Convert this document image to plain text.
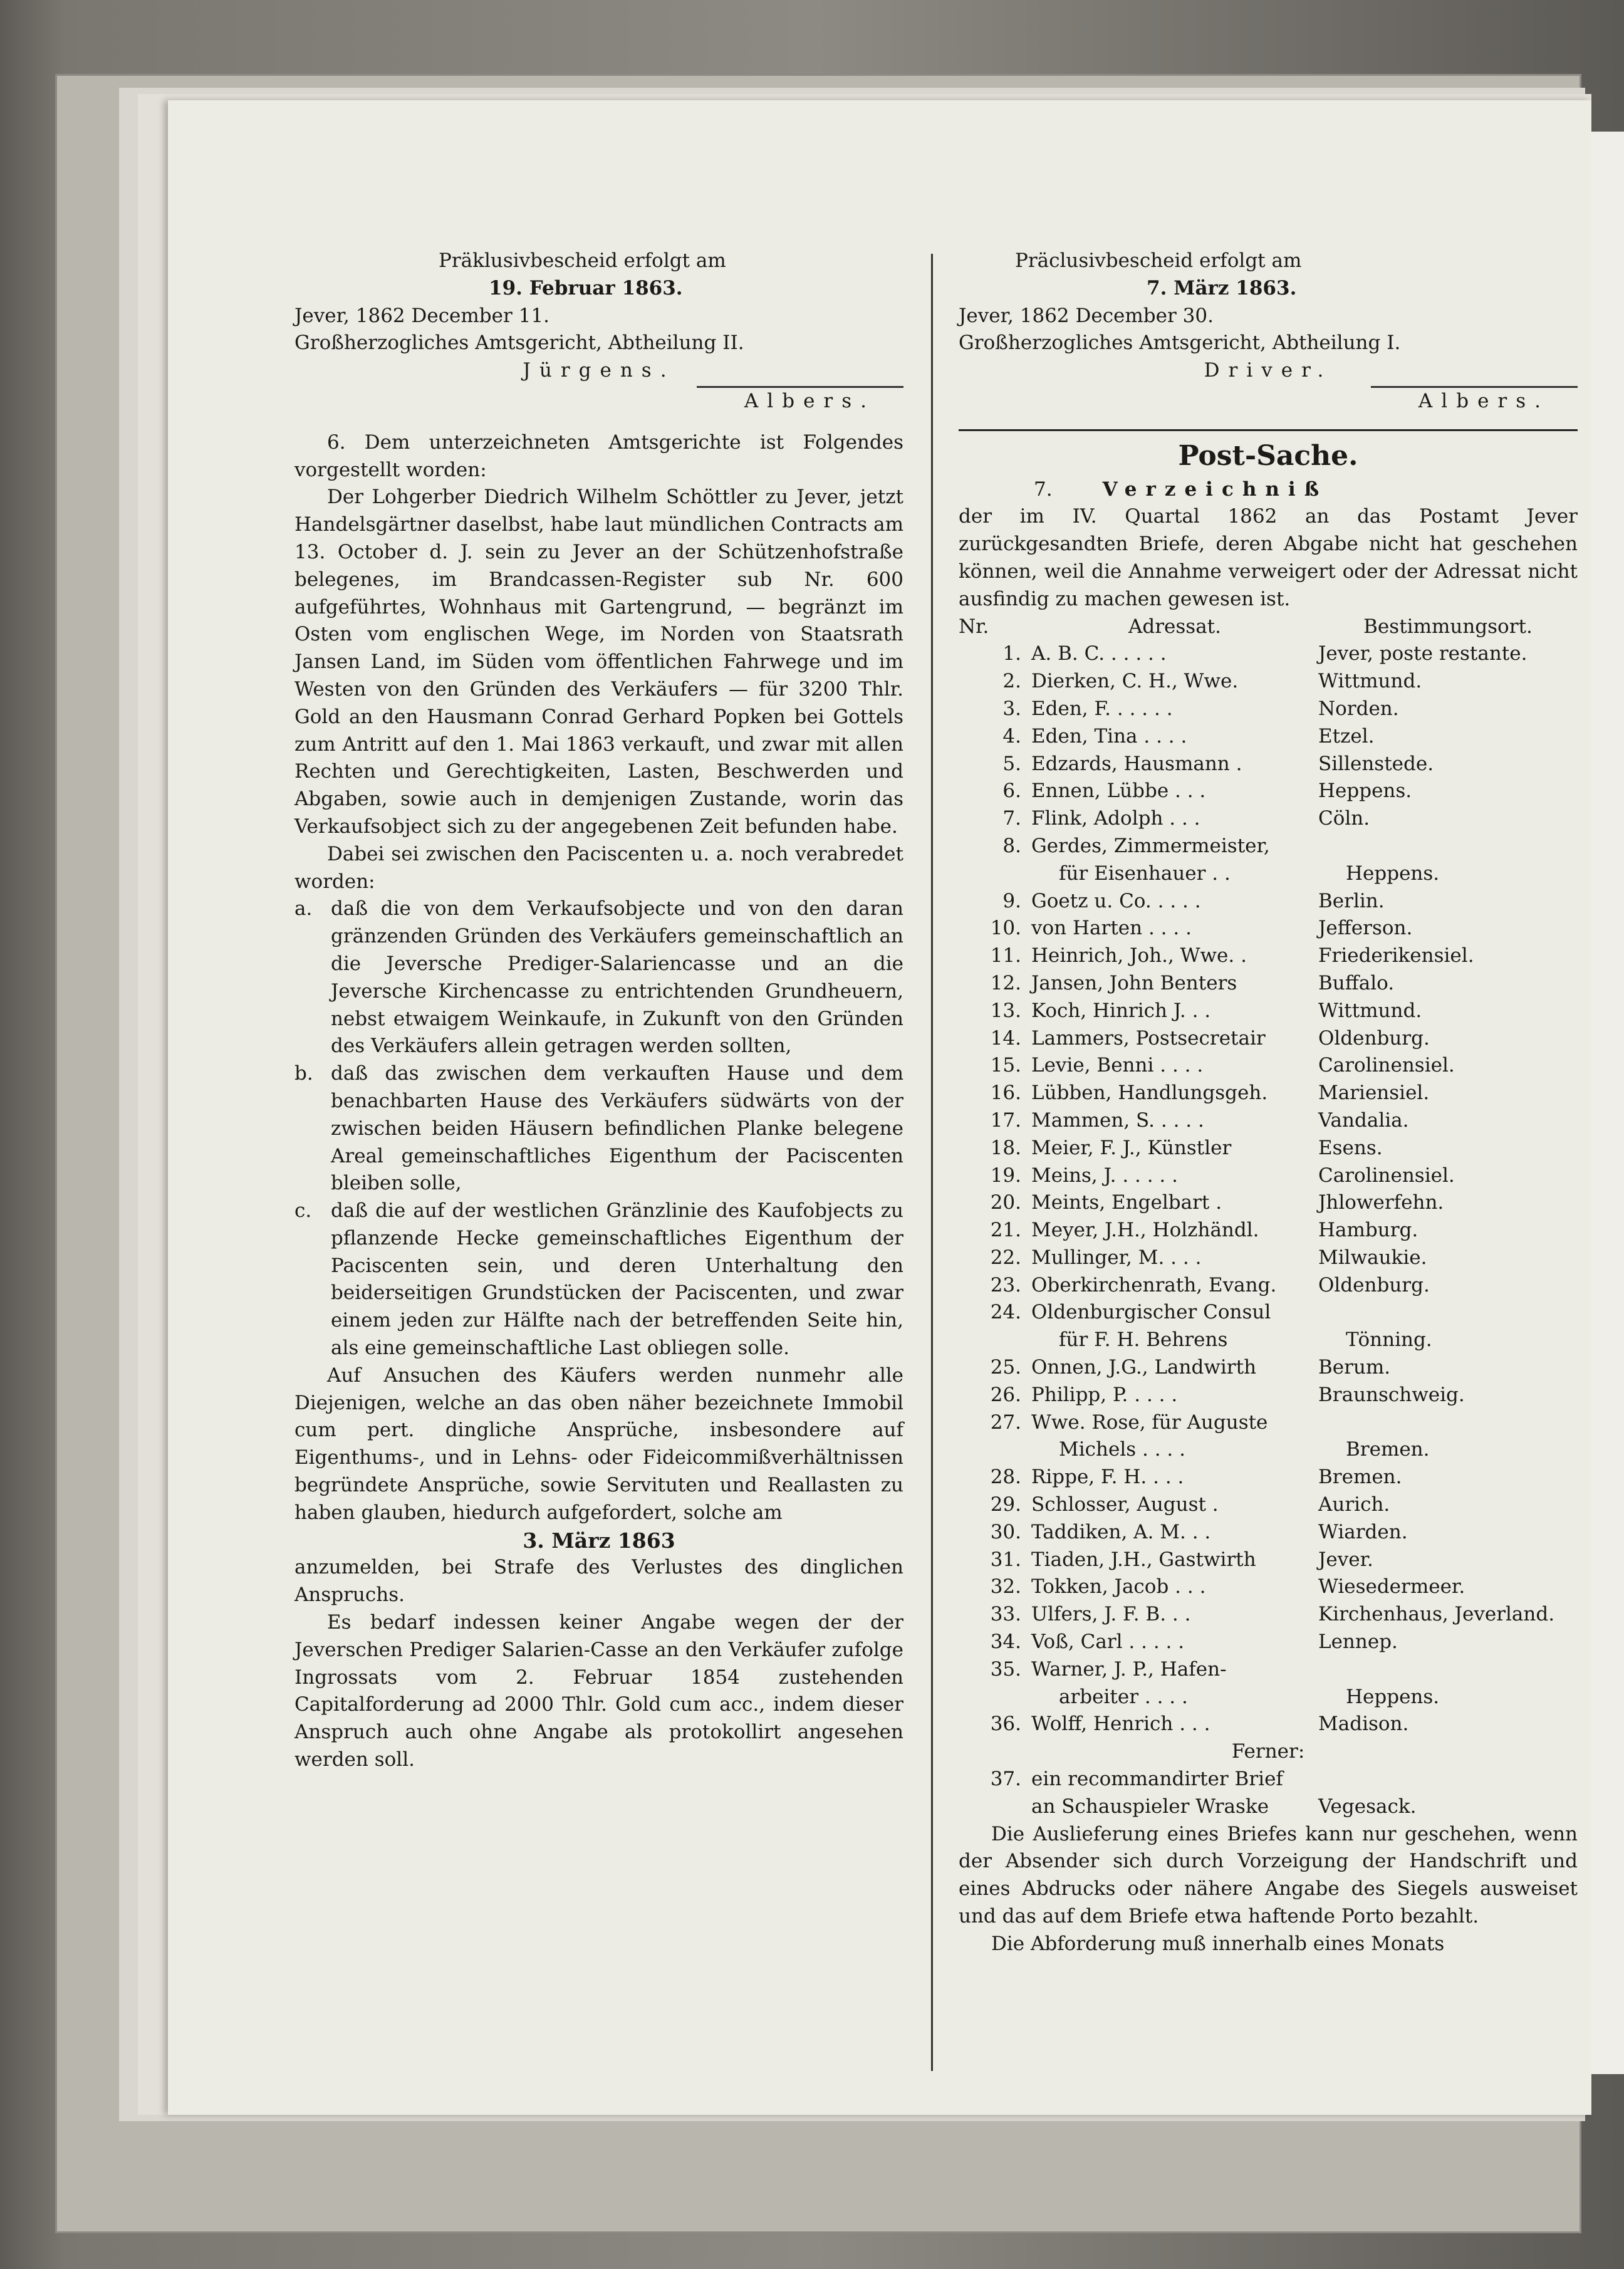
Präklusivbescheid erfolgt am

19. Februar 1863.

Jever, 1862 December 11.

Großherzogliches Amtsgericht, Abtheilung II.

Jürgens.

Albers.

6. Dem unterzeichneten Amtsgerichte ist Folgendes vorgestellt worden:

Der Lohgerber Diedrich Wilhelm Schöttler zu Jever, jetzt Handelsgärtner daselbst, habe laut mündlichen Contracts am 13. October d. J. sein zu Jever an der Schützenhofstraße belegenes, im Brandcassen-Register sub Nr. 600 aufgeführtes, Wohnhaus mit Gartengrund, — begränzt im Osten vom englischen Wege, im Norden von Staatsrath Jansen Land, im Süden vom öffentlichen Fahrwege und im Westen von den Gründen des Verkäufers — für 3200 Thlr. Gold an den Hausmann Conrad Gerhard Popken bei Gottels zum Antritt auf den 1. Mai 1863 verkauft, und zwar mit allen Rechten und Gerechtigkeiten, Lasten, Beschwerden und Abgaben, sowie auch in demjenigen Zustande, worin das Verkaufsobject sich zu der angegebenen Zeit befunden habe.

Dabei sei zwischen den Paciscenten u. a. noch verabredet worden:

a. daß die von dem Verkaufsobjecte und von den daran gränzenden Gründen des Verkäufers gemeinschaftlich an die Jeversche Prediger-Salariencasse und an die Jeversche Kirchencasse zu entrichtenden Grundheuern, nebst etwaigem Weinkaufe, in Zukunft von den Gründen des Verkäufers allein getragen werden sollten,

b. daß das zwischen dem verkauften Hause und dem benachbarten Hause des Verkäufers südwärts von der zwischen beiden Häusern befindlichen Planke belegene Areal gemeinschaftliches Eigenthum der Paciscenten bleiben solle,

c. daß die auf der westlichen Gränzlinie des Kaufobjects zu pflanzende Hecke gemeinschaftliches Eigenthum der Paciscenten sein, und deren Unterhaltung den beiderseitigen Grundstücken der Paciscenten, und zwar einem jeden zur Hälfte nach der betreffenden Seite hin, als eine gemeinschaftliche Last obliegen solle.

Auf Ansuchen des Käufers werden nunmehr alle Diejenigen, welche an das oben näher bezeichnete Immobil cum pert. dingliche Ansprüche, insbesondere auf Eigenthums-, und in Lehns- oder Fideicommißverhältnissen begründete Ansprüche, sowie Servituten und Reallasten zu haben glauben, hiedurch aufgefordert, solche am

3. März 1863

anzumelden, bei Strafe des Verlustes des dinglichen Anspruchs.

Es bedarf indessen keiner Angabe wegen der der Jeverschen Prediger Salarien-Casse an den Verkäufer zufolge Ingrossats vom 2. Februar 1854 zustehenden Capitalforderung ad 2000 Thlr. Gold cum acc., indem dieser Anspruch auch ohne Angabe als protokollirt angesehen werden soll.

Präclusivbescheid erfolgt am

7. März 1863.

Jever, 1862 December 30.

Großherzogliches Amtsgericht, Abtheilung I.

Driver.

Albers.

Post-Sache.

7.	Verzeichniß

der im IV. Quartal 1862 an das Postamt Jever zurückgesandten Briefe, deren Abgabe nicht hat geschehen können, weil die Annahme verweigert oder der Adressat nicht ausfindig zu machen gewesen ist.

Nr.	Adressat.	Bestimmungsort.
1. A. B. C. . . . . .	Jever, poste restante.
2. Dierken, C. H., Wwe.	Wittmund.
3. Eden, F. . . . . .	Norden.
4. Eden, Tina . . . .	Etzel.
5. Edzards, Hausmann .	Sillenstede.
6. Ennen, Lübbe . . .	Heppens.
7. Flink, Adolph . . .	Cöln.
8. Gerdes, Zimmermeister,
für Eisenhauer . .	Heppens.
9. Goetz u. Co. . . . .	Berlin.
10. von Harten . . . .	Jefferson.
11. Heinrich, Joh., Wwe. .	Friederikensiel.
12. Jansen, John Benters	Buffalo.
13. Koch, Hinrich J. . .	Wittmund.
14. Lammers, Postsecretair	Oldenburg.
15. Levie, Benni . . . .	Carolinensiel.
16. Lübben, Handlungsgeh.	Mariensiel.
17. Mammen, S. . . . .	Vandalia.
18. Meier, F. J., Künstler	Esens.
19. Meins, J. . . . . .	Carolinensiel.
20. Meints, Engelbart .	Jhlowerfehn.
21. Meyer, J.H., Holzhändl.	Hamburg.
22. Mullinger, M. . . .	Milwaukie.
23. Oberkirchenrath, Evang.	Oldenburg.
24. Oldenburgischer Consul
für F. H. Behrens	Tönning.
25. Onnen, J.G., Landwirth	Berum.
26. Philipp, P. . . . .	Braunschweig.
27. Wwe. Rose, für Auguste
Michels . . . .	Bremen.
28. Rippe, F. H. . . .	Bremen.
29. Schlosser, August .	Aurich.
30. Taddiken, A. M. . .	Wiarden.
31. Tiaden, J.H., Gastwirth	Jever.
32. Tokken, Jacob . . .	Wiesedermeer.
33. Ulfers, J. F. B. . .	Kirchenhaus, Jeverland.
34. Voß, Carl . . . . .	Lennep.
35. Warner, J. P., Hafen-
arbeiter . . . .	Heppens.
36. Wolff, Henrich . . .	Madison.

Ferner:

37. ein recommandirter Brief
an Schauspieler Wraske	Vegesack.

Die Auslieferung eines Briefes kann nur geschehen, wenn der Absender sich durch Vorzeigung der Handschrift und eines Abdrucks oder nähere Angabe des Siegels ausweiset und das auf dem Briefe etwa haftende Porto bezahlt.

Die Abforderung muß innerhalb eines Monats
